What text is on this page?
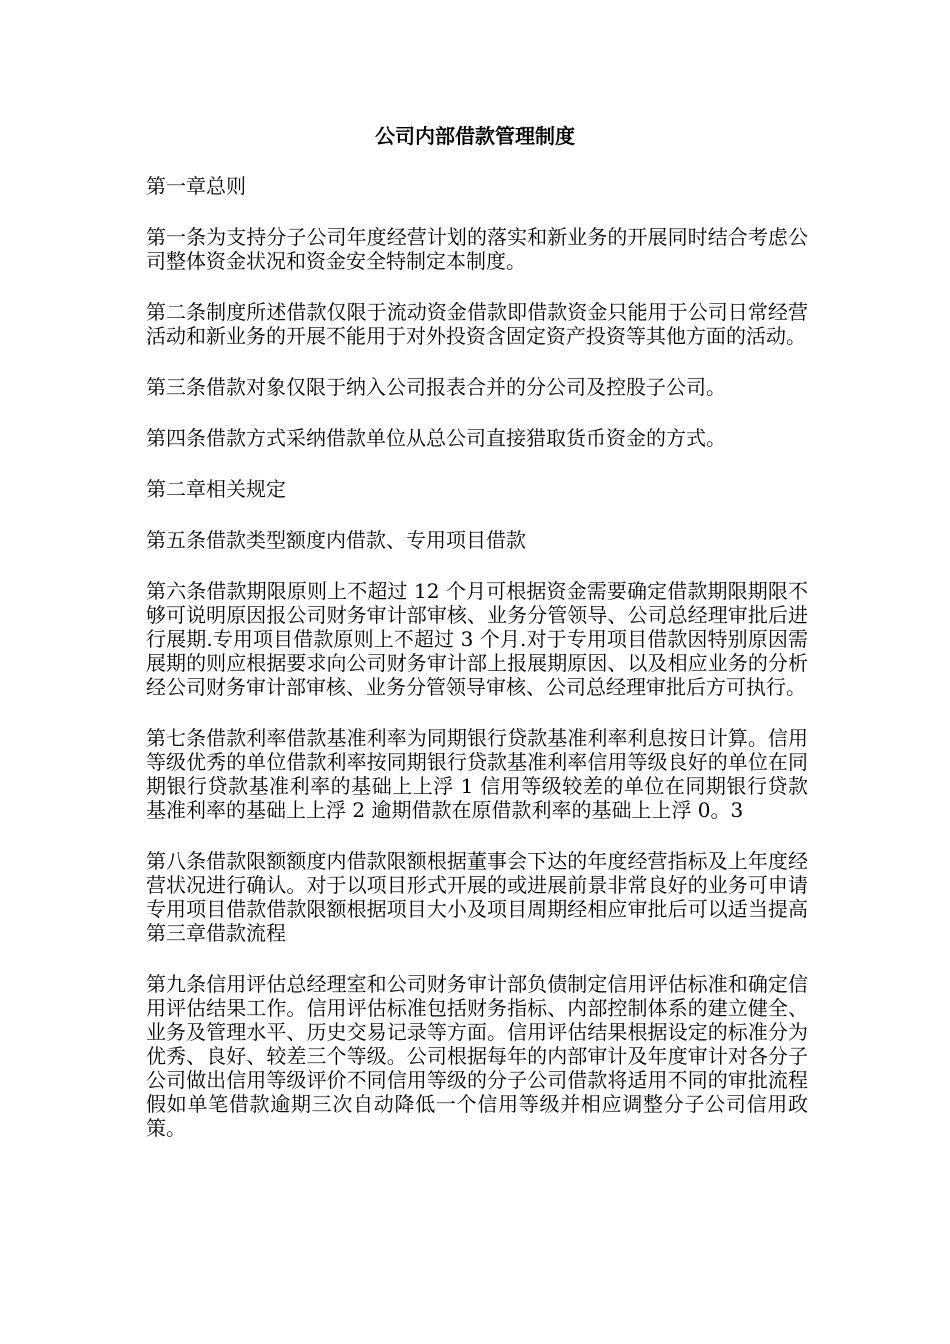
公司内部借款管理制度

第一章总则

第一条为支持分子公司年度经营计划的落实和新业务的开展同时结合考虑公司整体资金状况和资金安全特制定本制度。

第二条制度所述借款仅限于流动资金借款即借款资金只能用于公司日常经营活动和新业务的开展不能用于对外投资含固定资产投资等其他方面的活动。

第三条借款对象仅限于纳入公司报表合并的分公司及控股子公司。

第四条借款方式采纳借款单位从总公司直接猎取货币资金的方式。

第二章相关规定

第五条借款类型额度内借款、专用项目借款

第六条借款期限原则上不超过 12 个月可根据资金需要确定借款期限期限不够可说明原因报公司财务审计部审核、业务分管领导、公司总经理审批后进行展期.专用项目借款原则上不超过 3 个月.对于专用项目借款因特别原因需展期的则应根据要求向公司财务审计部上报展期原因、以及相应业务的分析经公司财务审计部审核、业务分管领导审核、公司总经理审批后方可执行。

第七条借款利率借款基准利率为同期银行贷款基准利率利息按日计算。信用等级优秀的单位借款利率按同期银行贷款基准利率信用等级良好的单位在同期银行贷款基准利率的基础上上浮 1 信用等级较差的单位在同期银行贷款基准利率的基础上上浮 2 逾期借款在原借款利率的基础上上浮 0。3

第八条借款限额额度内借款限额根据董事会下达的年度经营指标及上年度经营状况进行确认。对于以项目形式开展的或进展前景非常良好的业务可申请专用项目借款借款限额根据项目大小及项目周期经相应审批后可以适当提高第三章借款流程

第九条信用评估总经理室和公司财务审计部负债制定信用评估标准和确定信用评估结果工作。信用评估标准包括财务指标、内部控制体系的建立健全、业务及管理水平、历史交易记录等方面。信用评估结果根据设定的标准分为优秀、良好、较差三个等级。公司根据每年的内部审计及年度审计对各分子公司做出信用等级评价不同信用等级的分子公司借款将适用不同的审批流程假如单笔借款逾期三次自动降低一个信用等级并相应调整分子公司信用政策。
